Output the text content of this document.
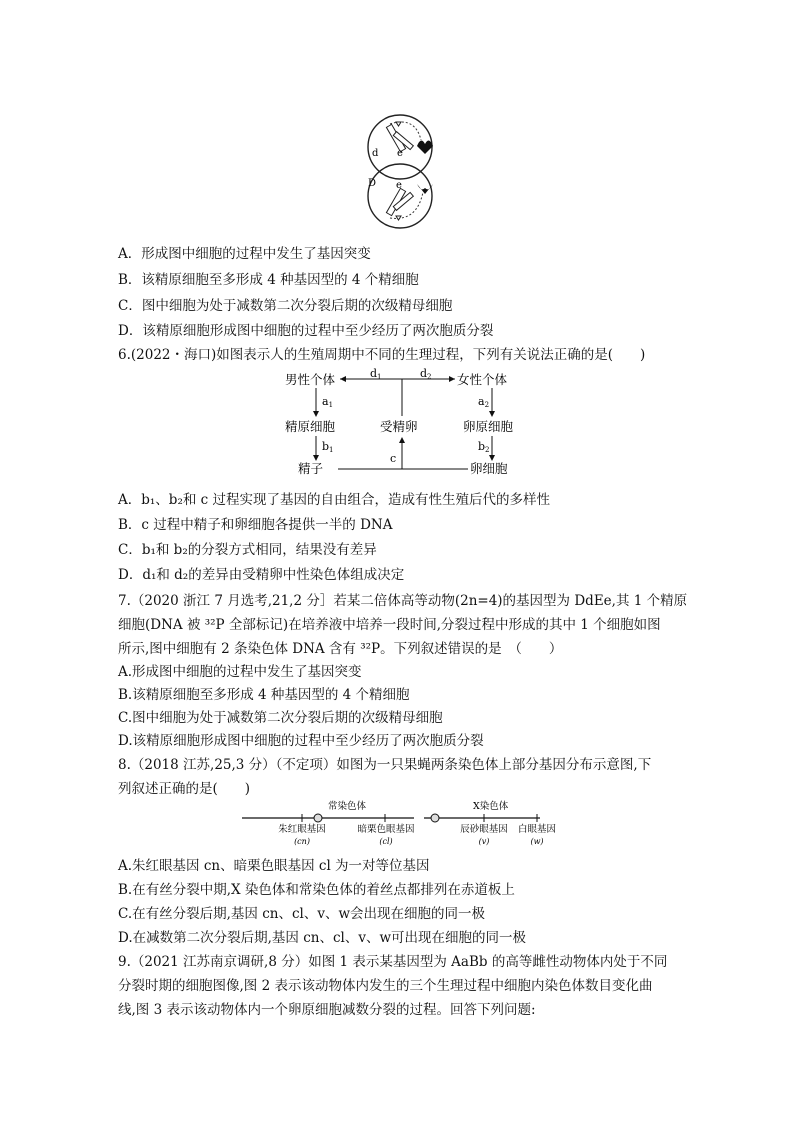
d e
D e
A．形成图中细胞的过程中发生了基因突变
B．该精原细胞至多形成 4 种基因型的 4 个精细胞
C．图中细胞为处于减数第二次分裂后期的次级精母细胞
D．该精原细胞形成图中细胞的过程中至少经历了两次胞质分裂
6.(2022・海口)如图表示人的生殖周期中不同的生理过程，下列有关说法正确的是(　　)
男性个体	女性个体
精原细胞	受精卵	卵原细胞
精子	卵细胞
d1	d2
a1	a2
b1	b2
c
A．b₁、b₂和 c 过程实现了基因的自由组合，造成有性生殖后代的多样性
B．c 过程中精子和卵细胞各提供一半的 DNA
C．b₁和 b₂的分裂方式相同，结果没有差异
D．d₁和 d₂的差异由受精卵中性染色体组成决定
7.（2020 浙江 7 月选考,21,2 分］若某二倍体高等动物(2n=4)的基因型为 DdEe,其 1 个精原
细胞(DNA 被 ³²P 全部标记)在培养液中培养一段时间,分裂过程中形成的其中 1 个细胞如图
所示,图中细胞有 2 条染色体 DNA 含有 ³²P。下列叙述错误的是　（　　）
A.形成图中细胞的过程中发生了基因突变
B.该精原细胞至多形成 4 种基因型的 4 个精细胞
C.图中细胞为处于减数第二次分裂后期的次级精母细胞
D.该精原细胞形成图中细胞的过程中至少经历了两次胞质分裂
8.（2018 江苏,25,3 分）（不定项）如图为一只果蝇两条染色体上部分基因分布示意图,下
列叙述正确的是(　　)
常染色体	X染色体
朱红眼基因
(cn)
暗栗色眼基因
(cl)
辰砂眼基因
(v)
白眼基因
(w)
A.朱红眼基因 cn、暗栗色眼基因 cl 为一对等位基因
B.在有丝分裂中期,X 染色体和常染色体的着丝点都排列在赤道板上
C.在有丝分裂后期,基因 cn、cl、v、w会出现在细胞的同一极
D.在减数第二次分裂后期,基因 cn、cl、v、w可出现在细胞的同一极
9.（2021 江苏南京调研,8 分）如图 1 表示某基因型为 AaBb 的高等雌性动物体内处于不同
分裂时期的细胞图像,图 2 表示该动物体内发生的三个生理过程中细胞内染色体数目变化曲
线,图 3 表示该动物体内一个卵原细胞减数分裂的过程。回答下列问题:
